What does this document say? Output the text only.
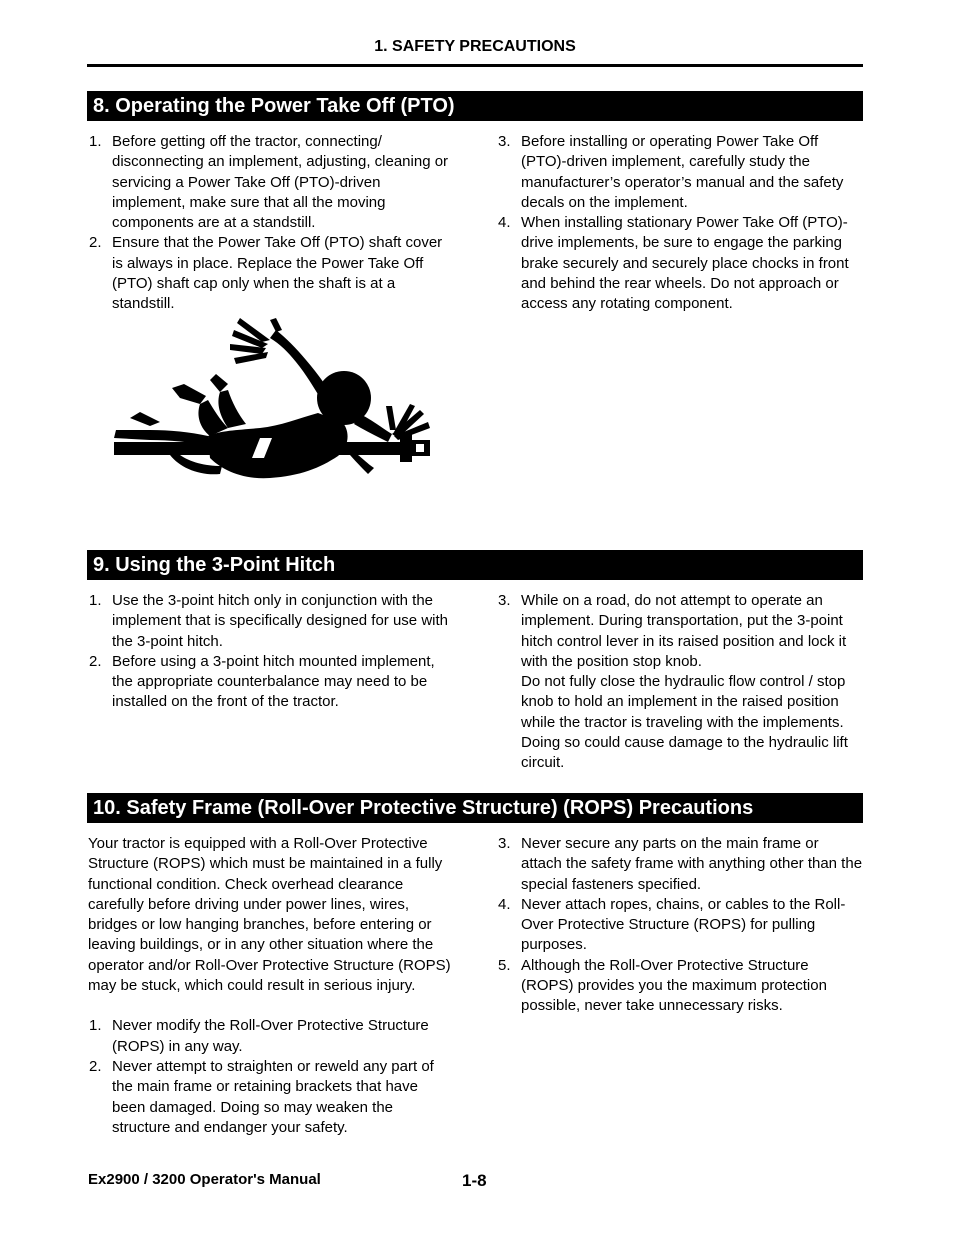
1. SAFETY PRECAUTIONS
8. Operating the Power Take Off (PTO)
1. Before getting off the tractor, connecting/ disconnecting an implement, adjusting, cleaning or servicing a Power Take Off (PTO)-driven implement, make sure that all the moving components are at a standstill.
2. Ensure that the Power Take Off (PTO) shaft cover is always in place. Replace the Power Take Off (PTO) shaft cap only when the shaft is at a standstill.
3. Before installing or operating Power Take Off (PTO)-driven implement, carefully study the manufacturer’s operator’s manual and the safety decals on the implement.
4. When installing stationary Power Take Off (PTO)-drive implements, be sure to engage the parking brake securely and securely place chocks in front and behind the rear wheels. Do not approach or access any rotating component.
9. Using the 3-Point Hitch
1. Use the 3-point hitch only in conjunction with the implement that is specifically designed for use with the 3-point hitch.
2. Before using a 3-point hitch mounted implement, the appropriate counterbalance may need to be installed on the front of the tractor.
3. While on a road, do not attempt to operate an implement. During transportation, put the 3-point hitch control lever in its raised position and lock it with the position stop knob.
Do not fully close the hydraulic flow control / stop knob to hold an implement in the raised position while the tractor is traveling with the implements. Doing so could cause damage to the hydraulic lift circuit.
10. Safety Frame (Roll-Over Protective Structure) (ROPS) Precautions

Your tractor is equipped with a Roll-Over Protective Structure (ROPS) which must be maintained in a fully functional condition. Check overhead clearance carefully before driving under power lines, wires, bridges or low hanging branches, before entering or leaving buildings, or in any other situation where the operator and/or Roll-Over Protective Structure (ROPS) may be stuck, which could result in serious injury.

1. Never modify the Roll-Over Protective Structure (ROPS) in any way.
2. Never attempt to straighten or reweld any part of the main frame or retaining brackets that have been damaged. Doing so may weaken the structure and endanger your safety.
3. Never secure any parts on the main frame or attach the safety frame with anything other than the special fasteners specified.
4. Never attach ropes, chains, or cables to the Roll-Over Protective Structure (ROPS) for pulling purposes.
5. Although the Roll-Over Protective Structure (ROPS) provides you the maximum protection possible, never take unnecessary risks.
Ex2900 / 3200 Operator's Manual	1-8
